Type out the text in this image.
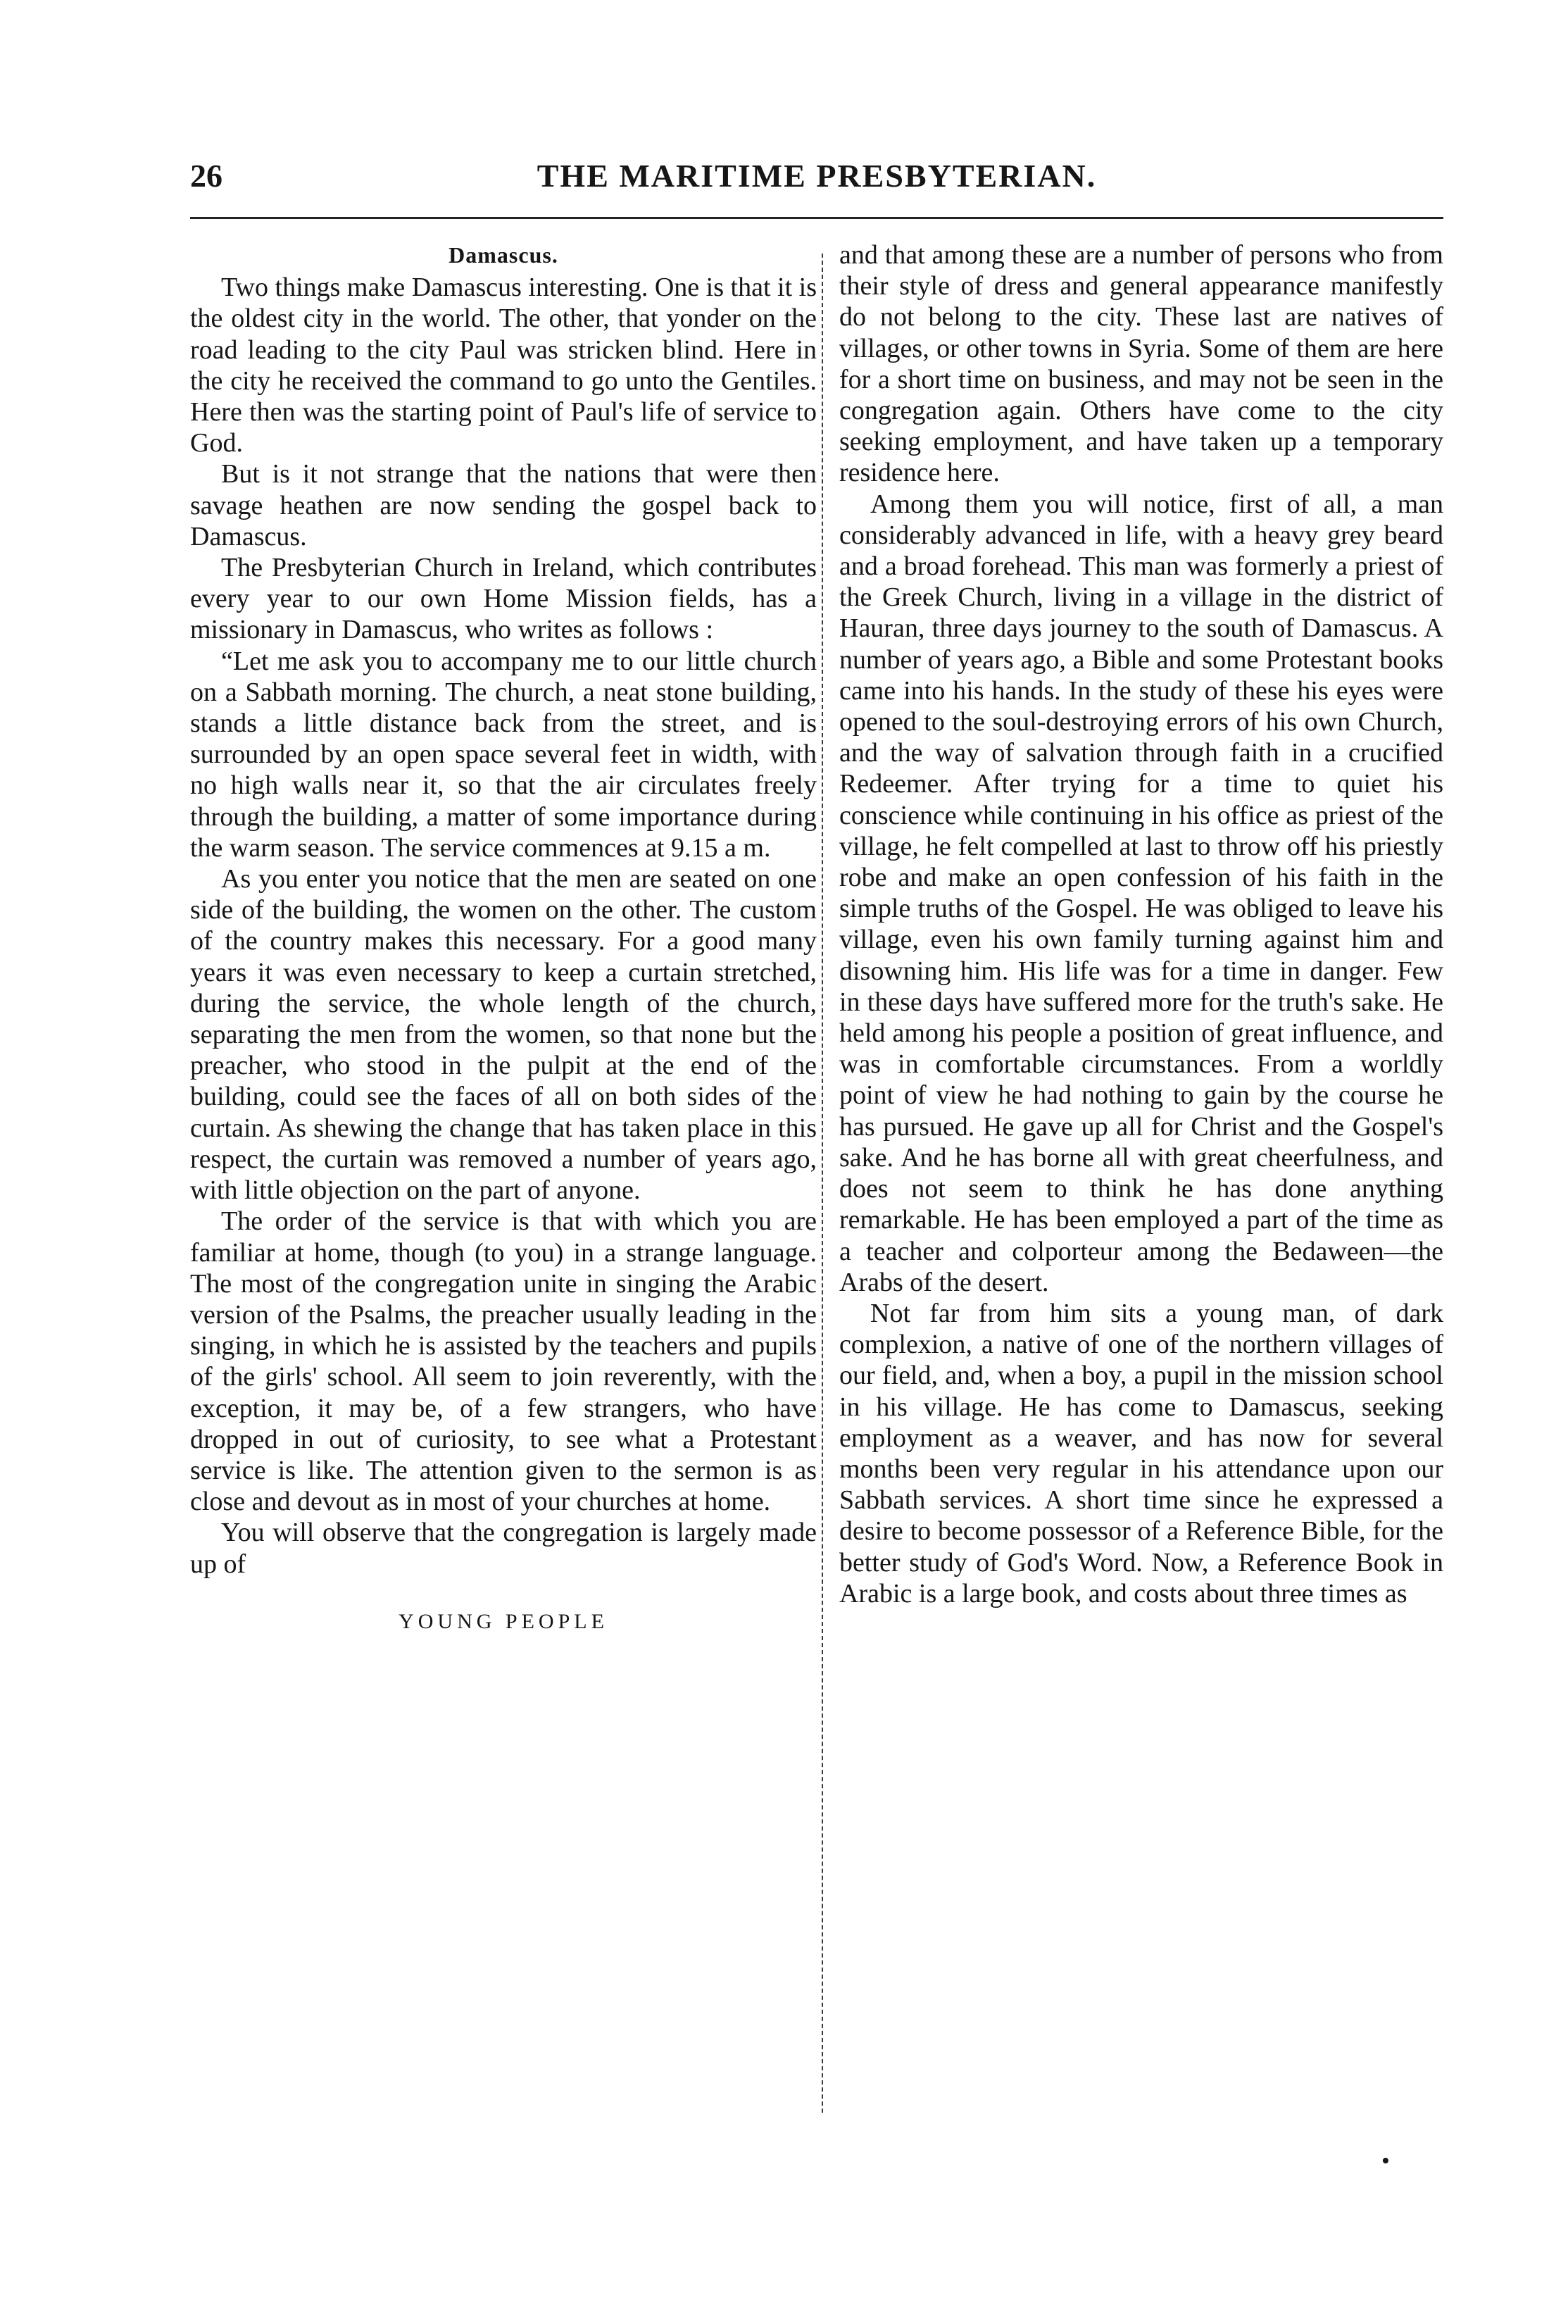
26	THE MARITIME PRESBYTERIAN.
Damascus.

Two things make Damascus interesting. One is that it is the oldest city in the world. The other, that yonder on the road leading to the city Paul was stricken blind. Here in the city he received the command to go unto the Gentiles. Here then was the starting point of Paul's life of service to God.

But is it not strange that the nations that were then savage heathen are now sending the gospel back to Damascus.

The Presbyterian Church in Ireland, which contributes every year to our own Home Mission fields, has a missionary in Damascus, who writes as follows :

“Let me ask you to accompany me to our little church on a Sabbath morning. The church, a neat stone building, stands a little distance back from the street, and is surrounded by an open space several feet in width, with no high walls near it, so that the air circulates freely through the building, a matter of some importance during the warm season. The service commences at 9.15 a m.

As you enter you notice that the men are seated on one side of the building, the women on the other. The custom of the country makes this necessary. For a good many years it was even necessary to keep a curtain stretched, during the service, the whole length of the church, separating the men from the women, so that none but the preacher, who stood in the pulpit at the end of the building, could see the faces of all on both sides of the curtain. As shewing the change that has taken place in this respect, the curtain was removed a number of years ago, with little objection on the part of anyone.

The order of the service is that with which you are familiar at home, though (to you) in a strange language. The most of the congregation unite in singing the Arabic version of the Psalms, the preacher usually leading in the singing, in which he is assisted by the teachers and pupils of the girls' school. All seem to join reverently, with the exception, it may be, of a few strangers, who have dropped in out of curiosity, to see what a Protestant service is like. The attention given to the sermon is as close and devout as in most of your churches at home.

You will observe that the congregation is largely made up of

YOUNG PEOPLE

and that among these are a number of persons who from their style of dress and general appearance manifestly do not belong to the city. These last are natives of villages, or other towns in Syria. Some of them are here for a short time on business, and may not be seen in the congregation again. Others have come to the city seeking employment, and have taken up a temporary residence here.

Among them you will notice, first of all, a man considerably advanced in life, with a heavy grey beard and a broad forehead. This man was formerly a priest of the Greek Church, living in a village in the district of Hauran, three days journey to the south of Damascus. A number of years ago, a Bible and some Protestant books came into his hands. In the study of these his eyes were opened to the soul-destroying errors of his own Church, and the way of salvation through faith in a crucified Redeemer. After trying for a time to quiet his conscience while continuing in his office as priest of the village, he felt compelled at last to throw off his priestly robe and make an open confession of his faith in the simple truths of the Gospel. He was obliged to leave his village, even his own family turning against him and disowning him. His life was for a time in danger. Few in these days have suffered more for the truth's sake. He held among his people a position of great influence, and was in comfortable circumstances. From a worldly point of view he had nothing to gain by the course he has pursued. He gave up all for Christ and the Gospel's sake. And he has borne all with great cheerfulness, and does not seem to think he has done anything remarkable. He has been employed a part of the time as a teacher and colporteur among the Bedaween—the Arabs of the desert.

Not far from him sits a young man, of dark complexion, a native of one of the northern villages of our field, and, when a boy, a pupil in the mission school in his village. He has come to Damascus, seeking employment as a weaver, and has now for several months been very regular in his attendance upon our Sabbath services. A short time since he expressed a desire to become possessor of a Reference Bible, for the better study of God's Word. Now, a Reference Book in Arabic is a large book, and costs about three times as

•
